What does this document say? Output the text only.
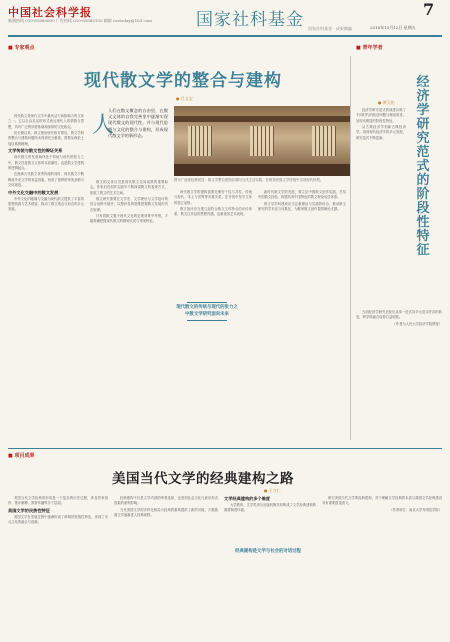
中国社会科学报
新闻热线 010-85885600 广告热线 010-85885150 邮箱 csstoday@163.com	国家社科基金 国家社科基金 · 成果摘编
7
2018年10月12日 星期五
■ 专家观点
现代散文学的整合与建构
● 吕文宝
人
人们在散文概念的自由里，在散文文体的自我完善里中逐渐实现现代散文的现代性，并与现代思想与文化的整合与建构，形成现代散文学的新形态。
图为广西省桂林民居：散文学整合建构应面向当代生活实践，在保持民族文学传统中实现现代转型。

现代散文是现代文学中最具活力和影响力的文体之一。它以自由灵活的形式表达现代人的情感与思想，具有广泛的读者基础和深厚的文化积淀。

但长期以来，散文理论研究相对滞后，散文学科的整合与建构问题尚未得到充分重视，需要从理论上加以系统梳理。

文学传统与散文性的辩证关系

现代散文的发展始终处于传统与现代的张力之中，散文性是散文文体的本质属性，也是散文学建构的逻辑起点。

在继承古代散文优秀传统的同时，现代散文不断吸收外来文学的有益因素，形成了独特的审美品格与文体规范。

中外文化交融中的散文发展

中外文化的碰撞与交融为现代散文提供了丰富的思想资源与艺术借鉴，推动了散文观念与形态的多元发展。

散文的文体自觉是现代散文走向成熟的重要标志。作家们在创作实践中不断探索散文的表现方式，拓展了散文的艺术空间。

散文研究需要在文学史、文学理论与文学批评的综合视野中展开，以整体性的思维把握散文发展的内在规律。

只有将散文置于现代文化的宏观背景中考察，才能准确把握现代散文的精神实质与审美特征。

现代散文学的建构需要处理好个性与共性、传统与现代、本土与世界等多重关系，在开放中坚守文体的独立品格。

散文批评应当建立起符合散文文体特点的评价体系，既关注作品的思想内涵，也重视其艺术表现。

现代散文的传统与现代的张力之中散文学研究面向未来

新时代散文学的发展，要立足中国散文创作实践，总结中国散文经验，构建具有中国特色的散文理论话语体系。

散文学学科建设应当注重理论与实践的结合，推动散文研究的学术化与体系化，为繁荣散文创作提供理论支撑。

■ 青年学者
经济学研究范式的阶段性特征
● 黄天佑

经济学研究范式的演进反映了不同时代的经济问题与理论需求，呈现出明显的阶段性特征。

从古典经济学到新古典经济学，再到现代经济学的多元发展，研究范式不断更新。

当前经济学研究正经历从单一范式向多元范式并存的转变，跨学科融合趋势日益明显。

（作者为人民大学经济学院教授）

■ 项目成果
美国当代文学的经典建构之路
● 王守仁

美国当代文学经典的形成是一个复杂的历史过程，涉及作家创作、批评阐释、教育传播等多个层面。

美国文学的民族性特征

美国文学在发展过程中逐渐形成了鲜明的民族性特征，体现了多元文化的融合与创新。

经典建构不仅是文学内部的审美选择，也受到社会文化与意识形态因素的深刻影响。

当代美国文学的多样化格局为经典的重构提供了新的可能，少数族裔文学逐渐进入经典视野。

文学经典建构的多个维度

大学教育、文学奖项与出版机制共同构成了文学经典建构的重要制度环境。

经典建构是文学与社会的对话过程

研究美国当代文学的经典建构，对于理解文学经典的本质与我国文学经典建设具有重要借鉴意义。

（作者单位：南京大学外国语学院）
